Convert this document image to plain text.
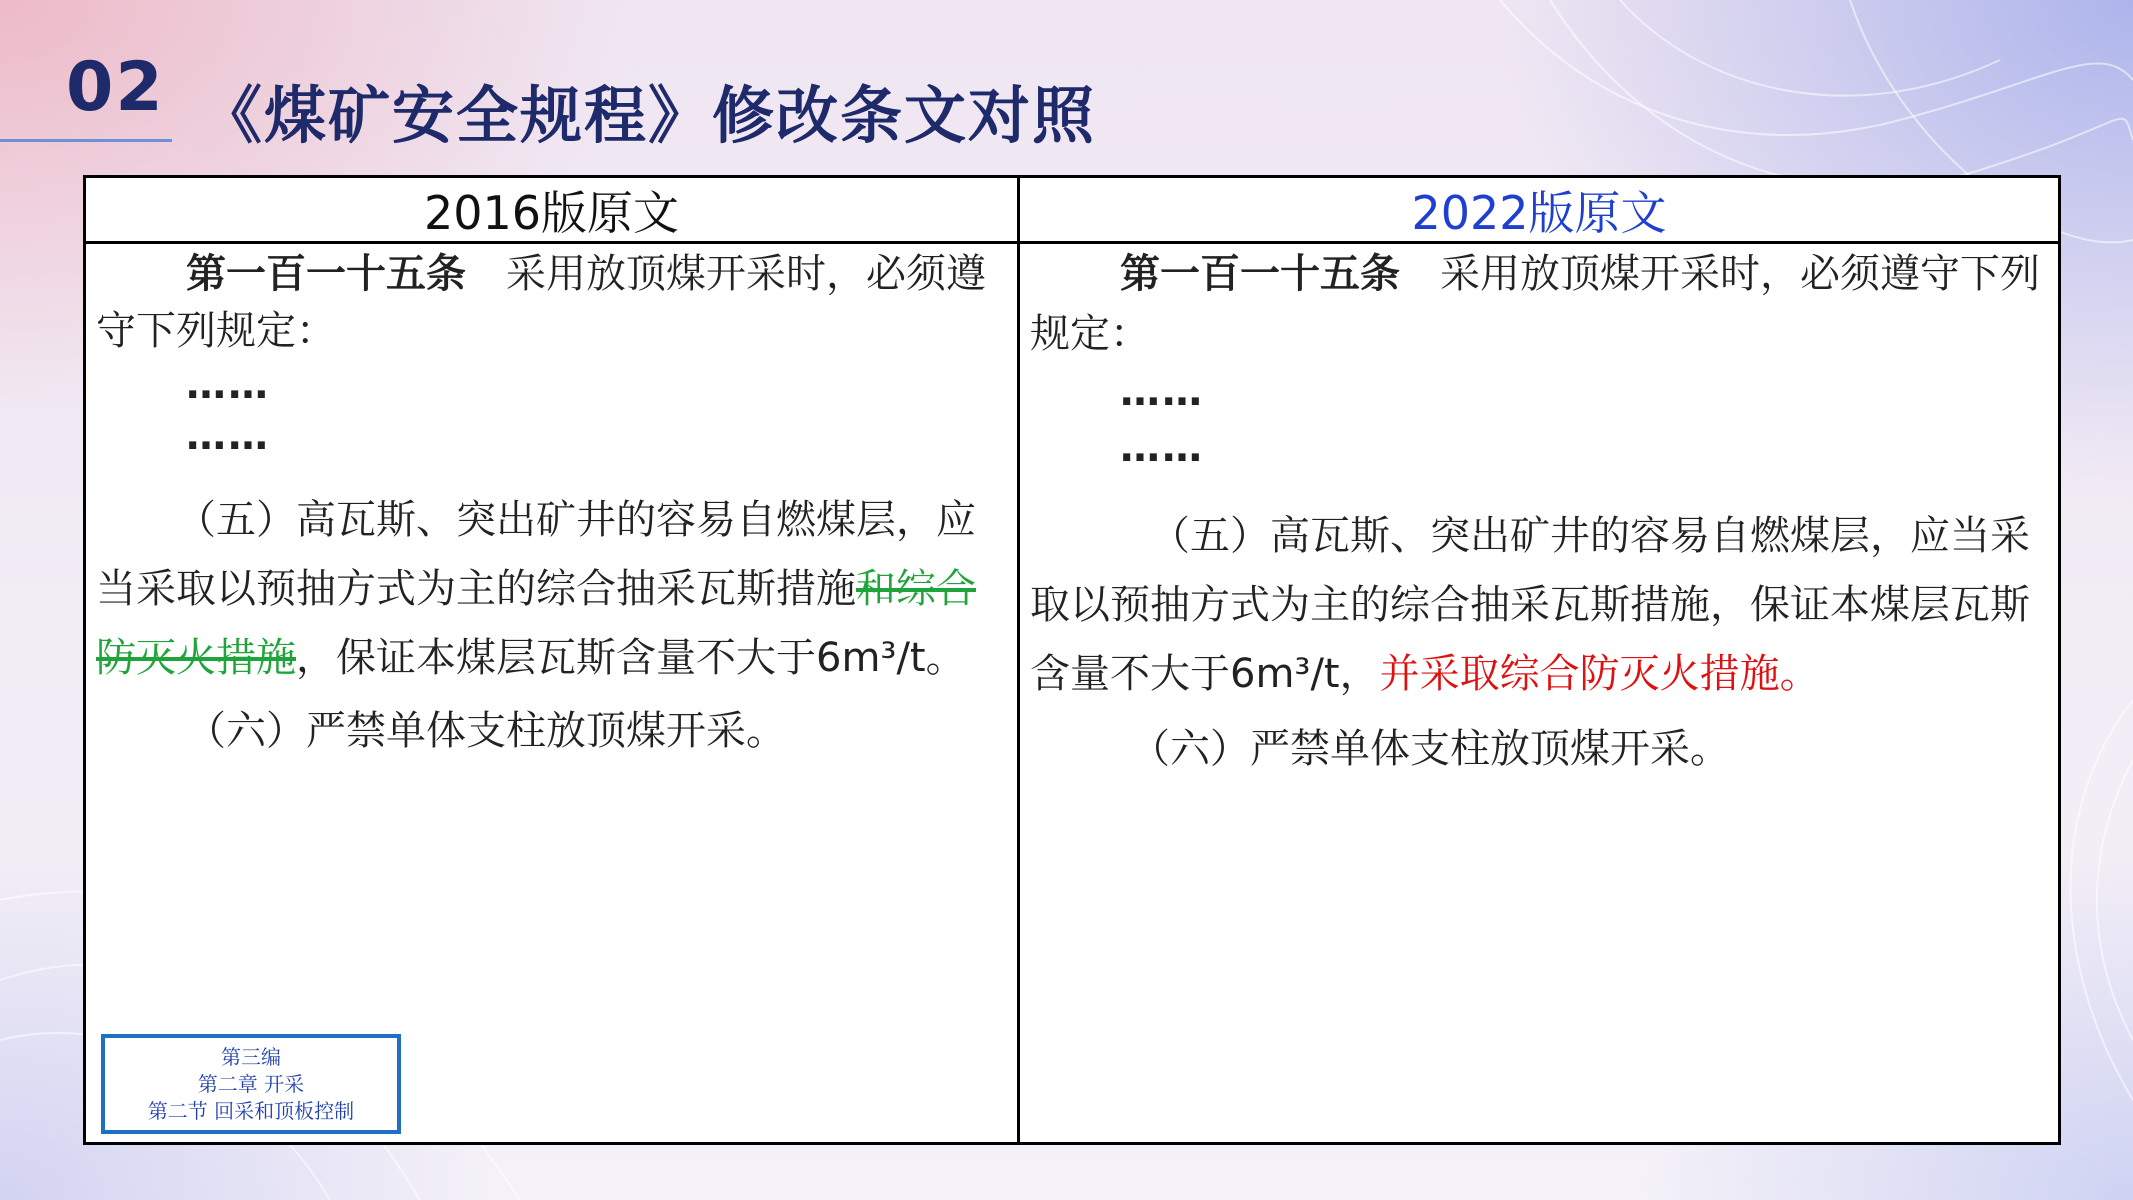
02 《煤矿安全规程》修改条文对照
2016版原文	2022版原文

第一百一十五条　 采用放顶煤开采时，必须遵守下列规定：

……

……

（五）高瓦斯、突出矿井的容易自燃煤层，应当采取以预抽方式为主的综合抽采瓦斯措施和综合防灭火措施，保证本煤层瓦斯含量不大于6m³/t。

（六）严禁单体支柱放顶煤开采。

第三编
第二章 开采
第二节 回采和顶板控制

第一百一十五条　 采用放顶煤开采时，必须遵守下列规定：

……

……

（五）高瓦斯、突出矿井的容易自燃煤层，应当采取以预抽方式为主的综合抽采瓦斯措施，保证本煤层瓦斯含量不大于6m³/t，并采取综合防灭火措施。

（六）严禁单体支柱放顶煤开采。
